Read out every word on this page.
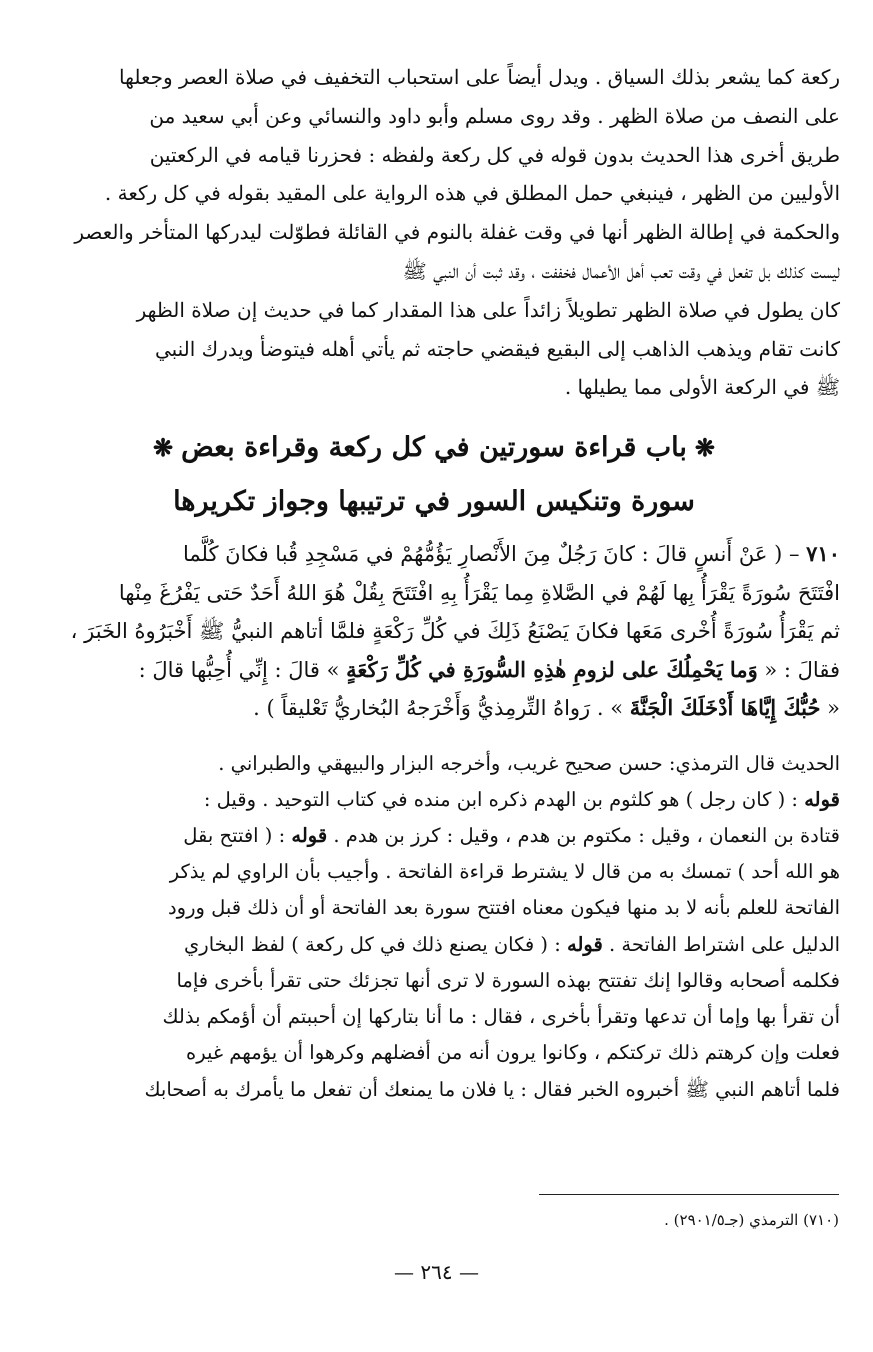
ركعة كما يشعر بذلك السياق . ويدل أيضاً على استحباب التخفيف في صلاة العصر وجعلها

على النصف من صلاة الظهر . وقد روى مسلم وأبو داود والنسائي وعن أبي سعيد من

طريق أخرى هذا الحديث بدون قوله في كل ركعة ولفظه : فحزرنا قيامه في الركعتين

الأوليين من الظهر ، فينبغي حمل المطلق في هذه الرواية على المقيد بقوله في كل ركعة .

والحكمة في إطالة الظهر أنها في وقت غفلة بالنوم في القائلة فطوّلت ليدركها المتأخر والعصر

ليست كذلك بل تفعل في وقت تعب أهل الأعمال فخففت ، وقد ثبت أن النبي ﷺ

كان يطول في صلاة الظهر تطويلاً زائداً على هذا المقدار كما في حديث إن صلاة الظهر

كانت تقام ويذهب الذاهب إلى البقيع فيقضي حاجته ثم يأتي أهله فيتوضأ ويدرك النبي

ﷺ في الركعة الأولى مما يطيلها .

❋باب قراءة سورتين في كل ركعة وقراءة بعض❋
سورة وتنكيس السور في ترتيبها وجواز تكريرها

٧١٠ – ( عَنْ أَنسٍ قالَ : كانَ رَجُلٌ مِنَ الأَنْصارِ يَؤُمُّهُمْ في مَسْجِدِ قُبا فكانَ كُلَّما

افْتَتَحَ سُورَةً يَقْرَأُ بِها لَهُمْ في الصَّلاةِ مِما يَقْرَأُ بِهِ افْتَتَحَ بِقُلْ هُوَ اللهُ أَحَدٌ حَتى يَفْرُغَ مِنْها

ثم يَقْرَأُ سُورَةً أُخْرى مَعَها فكانَ يَصْنَعُ ذَلِكَ في كُلِّ رَكْعَةٍ فلمَّا أتاهم النبيُّ ﷺ أَخْبَرُوهُ الخَبَرَ ،

فقالَ : « وَما يَحْمِلُكَ على لزومِ هٰذِهِ السُّورَةِ في كُلِّ رَكْعَةٍ » قالَ : إِنِّي أُحِبُّها قالَ :

« حُبُّكَ إِيَّاهَا أَدْخَلَكَ الْجَنَّةَ » . رَواهُ التِّرمِذيُّ وَأَخْرَجهُ البُخاريُّ تَعْليقاً ) .

الحديث قال الترمذي: حسن صحيح غريب، وأخرجه البزار والبيهقي والطبراني .

قوله : ( كان رجل ) هو كلثوم بن الهدم ذكره ابن منده في كتاب التوحيد . وقيل :

قتادة بن النعمان ، وقيل : مكتوم بن هدم ، وقيل : كرز بن هدم . قوله : ( افتتح بقل

هو الله أحد ) تمسك به من قال لا يشترط قراءة الفاتحة . وأجيب بأن الراوي لم يذكر

الفاتحة للعلم بأنه لا بد منها فيكون معناه افتتح سورة بعد الفاتحة أو أن ذلك قبل ورود

الدليل على اشتراط الفاتحة . قوله : ( فكان يصنع ذلك في كل ركعة ) لفظ البخاري

فكلمه أصحابه وقالوا إنك تفتتح بهذه السورة لا ترى أنها تجزئك حتى تقرأ بأخرى فإما

أن تقرأ بها وإما أن تدعها وتقرأ بأخرى ، فقال : ما أنا بتاركها إن أحببتم أن أؤمكم بذلك

فعلت وإن كرهتم ذلك تركتكم ، وكانوا يرون أنه من أفضلهم وكرهوا أن يؤمهم غيره

فلما أتاهم النبي ﷺ أخبروه الخبر فقال : يا فلان ما يمنعك أن تفعل ما يأمرك به أصحابك

(٧١٠) الترمذي (جـ٢٩٠١/٥) .
— ٢٦٤ —
